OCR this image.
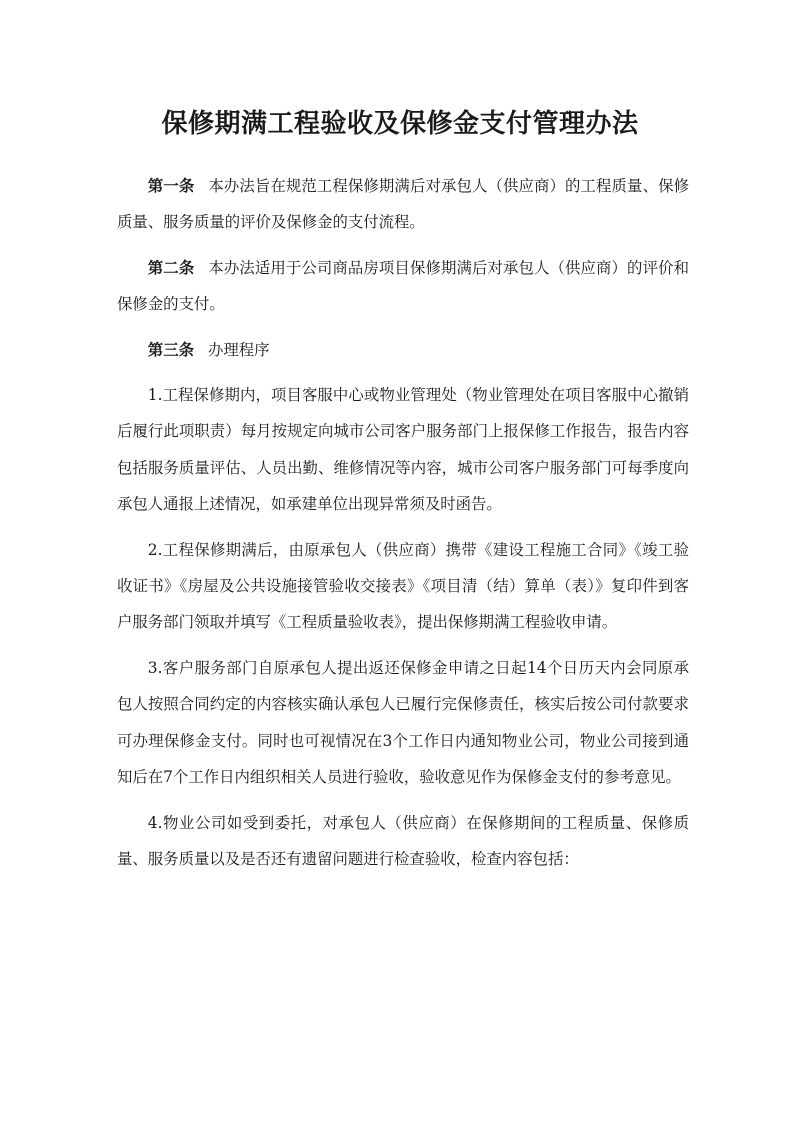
保修期满工程验收及保修金支付管理办法

第一条 本办法旨在规范工程保修期满后对承包人（供应商）的工程质量、保修质量、服务质量的评价及保修金的支付流程。

第二条 本办法适用于公司商品房项目保修期满后对承包人（供应商）的评价和保修金的支付。

第三条 办理程序

1.工程保修期内，项目客服中心或物业管理处（物业管理处在项目客服中心撤销后履行此项职责）每月按规定向城市公司客户服务部门上报保修工作报告，报告内容包括服务质量评估、人员出勤、维修情况等内容，城市公司客户服务部门可每季度向承包人通报上述情况，如承建单位出现异常须及时函告。

2.工程保修期满后，由原承包人（供应商）携带《建设工程施工合同》《竣工验收证书》《房屋及公共设施接管验收交接表》《项目清（结）算单（表）》复印件到客户服务部门领取并填写《工程质量验收表》，提出保修期满工程验收申请。

3.客户服务部门自原承包人提出返还保修金申请之日起14个日历天内会同原承包人按照合同约定的内容核实确认承包人已履行完保修责任，核实后按公司付款要求可办理保修金支付。同时也可视情况在3个工作日内通知物业公司，物业公司接到通知后在7个工作日内组织相关人员进行验收，验收意见作为保修金支付的参考意见。

4.物业公司如受到委托，对承包人（供应商）在保修期间的工程质量、保修质量、服务质量以及是否还有遗留问题进行检查验收，检查内容包括：
